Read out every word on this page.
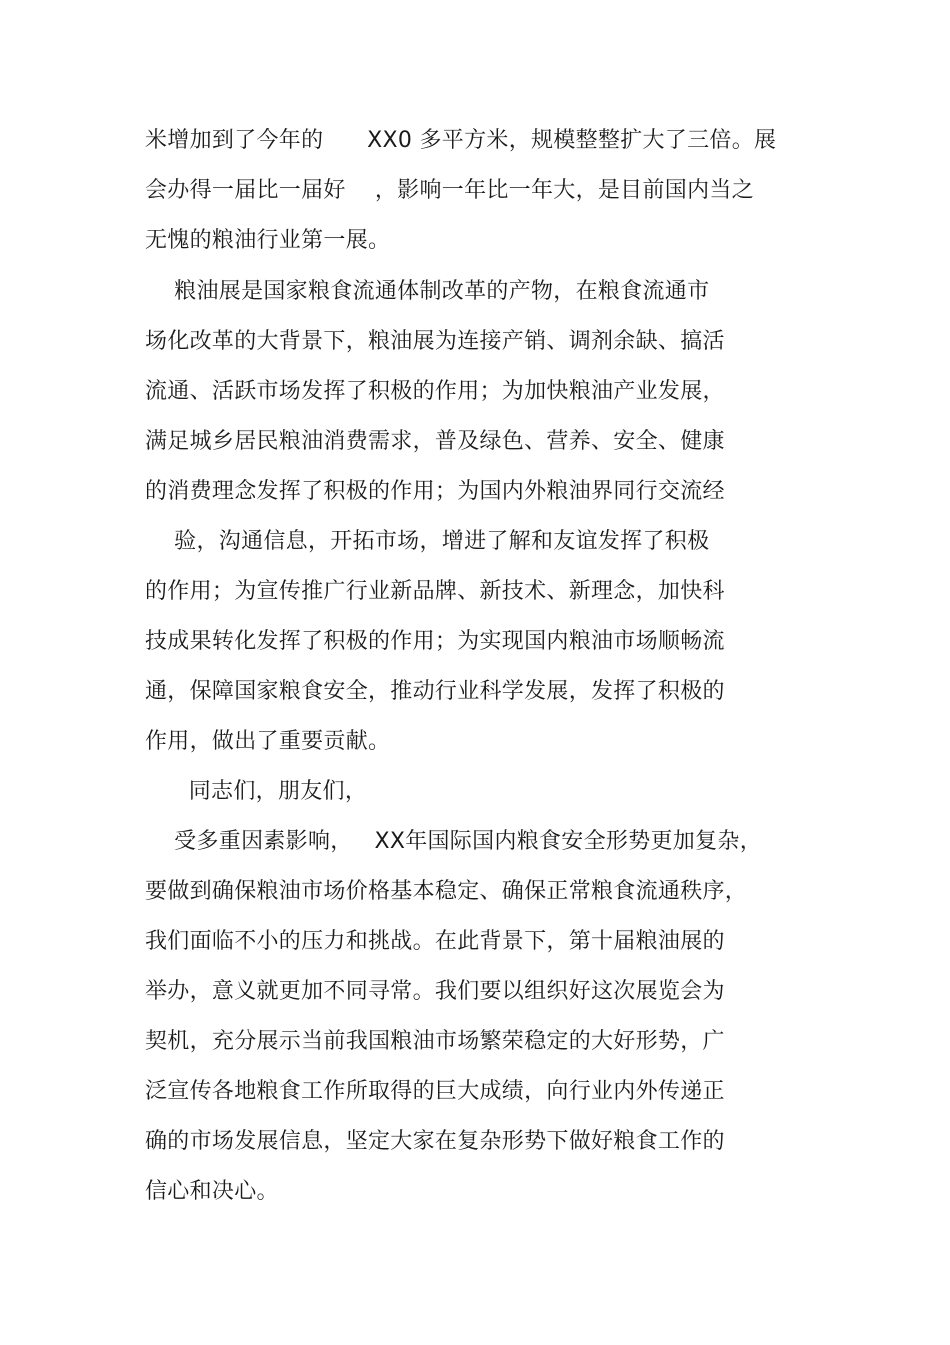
米增加到了今年的      XX0 多平方米，规模整整扩大了三倍。展
会办得一届比一届好    ，影响一年比一年大，是目前国内当之
无愧的粮油行业第一展。
粮油展是国家粮食流通体制改革的产物，在粮食流通市
场化改革的大背景下，粮油展为连接产销、调剂余缺、搞活
流通、活跃市场发挥了积极的作用；为加快粮油产业发展，
满足城乡居民粮油消费需求，普及绿色、营养、安全、健康
的消费理念发挥了积极的作用；为国内外粮油界同行交流经
验，沟通信息，开拓市场，增进了解和友谊发挥了积极
的作用；为宣传推广行业新品牌、新技术、新理念，加快科
技成果转化发挥了积极的作用；为实现国内粮油市场顺畅流
通，保障国家粮食安全，推动行业科学发展，发挥了积极的
作用，做出了重要贡献。
同志们，朋友们，
受多重因素影响，   XX年国际国内粮食安全形势更加复杂，
要做到确保粮油市场价格基本稳定、确保正常粮食流通秩序，
我们面临不小的压力和挑战。在此背景下，第十届粮油展的
举办，意义就更加不同寻常。我们要以组织好这次展览会为
契机，充分展示当前我国粮油市场繁荣稳定的大好形势，广
泛宣传各地粮食工作所取得的巨大成绩，向行业内外传递正
确的市场发展信息，坚定大家在复杂形势下做好粮食工作的
信心和决心。
